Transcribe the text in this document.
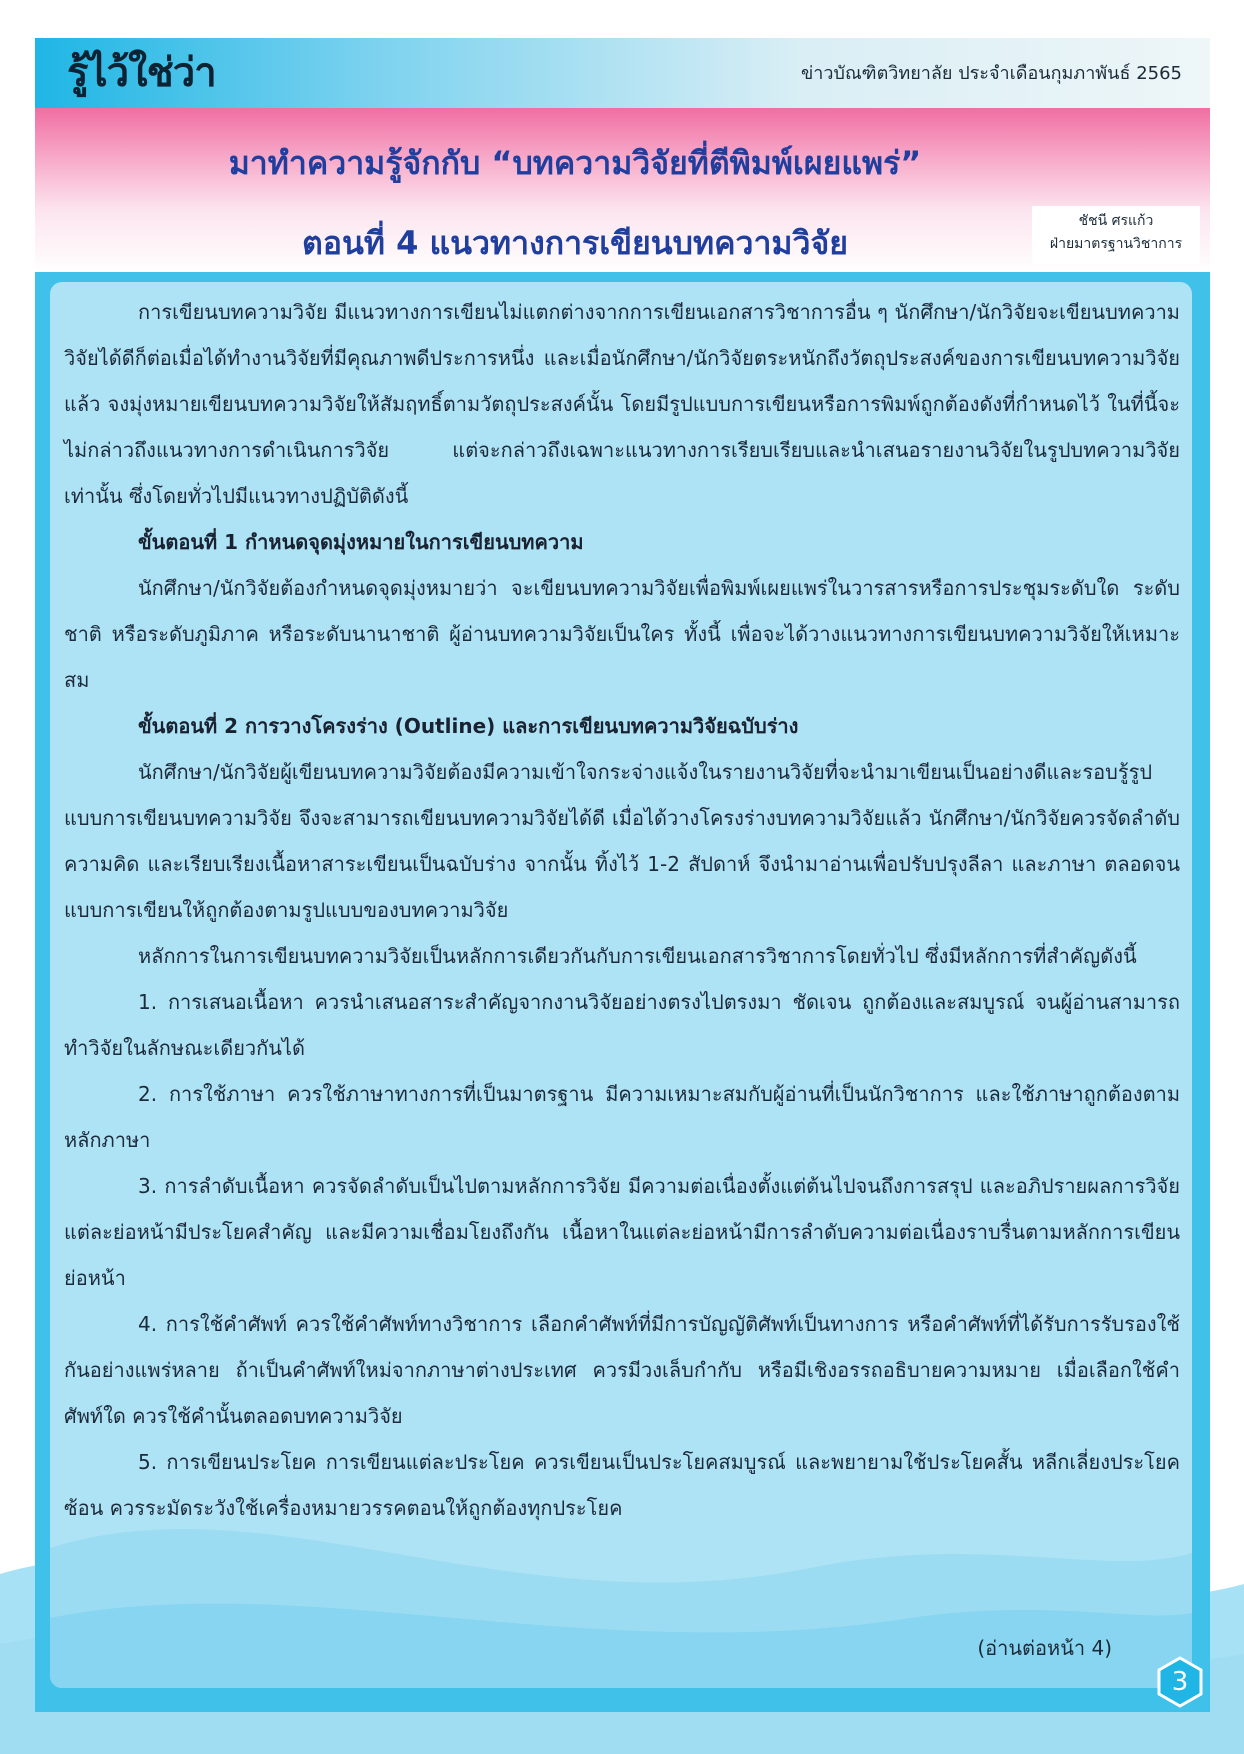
รู้ไว้ใช่ว่า	ข่าวบัณฑิตวิทยาลัย ประจำเดือนกุมภาพันธ์ 2565
มาทำความรู้จักกับ “บทความวิจัยที่ตีพิมพ์เผยแพร่”
ตอนที่ 4 แนวทางการเขียนบทความวิจัย
ชัชนี ศรแก้ว
ฝ่ายมาตรฐานวิชาการ

การเขียนบทความวิจัย มีแนวทางการเขียนไม่แตกต่างจากการเขียนเอกสารวิชาการอื่น ๆ นักศึกษา/นักวิจัยจะเขียนบทความวิจัยได้ดีก็ต่อเมื่อได้ทำงานวิจัยที่มีคุณภาพดีประการหนึ่ง และเมื่อนักศึกษา/นักวิจัยตระหนักถึงวัตถุประสงค์ของการเขียนบทความวิจัยแล้ว จงมุ่งหมายเขียนบทความวิจัยให้สัมฤทธิ์ตามวัตถุประสงค์นั้น โดยมีรูปแบบการเขียนหรือการพิมพ์ถูกต้องดังที่กำหนดไว้ ในที่นี้จะไม่กล่าวถึงแนวทางการดำเนินการวิจัย แต่จะกล่าวถึงเฉพาะแนวทางการเรียบเรียบและนำเสนอรายงานวิจัยในรูปบทความวิจัยเท่านั้น ซึ่งโดยทั่วไปมีแนวทางปฏิบัติดังนี้

ขั้นตอนที่ 1 กำหนดจุดมุ่งหมายในการเขียนบทความ

นักศึกษา/นักวิจัยต้องกำหนดจุดมุ่งหมายว่า จะเขียนบทความวิจัยเพื่อพิมพ์เผยแพร่ในวารสารหรือการประชุมระดับใด ระดับชาติ หรือระดับภูมิภาค หรือระดับนานาชาติ ผู้อ่านบทความวิจัยเป็นใคร ทั้งนี้ เพื่อจะได้วางแนวทางการเขียนบทความวิจัยให้เหมาะสม

ขั้นตอนที่ 2 การวางโครงร่าง (Outline) และการเขียนบทความวิจัยฉบับร่าง

นักศึกษา/นักวิจัยผู้เขียนบทความวิจัยต้องมีความเข้าใจกระจ่างแจ้งในรายงานวิจัยที่จะนำมาเขียนเป็นอย่างดีและรอบรู้รูปแบบการเขียนบทความวิจัย จึงจะสามารถเขียนบทความวิจัยได้ดี เมื่อได้วางโครงร่างบทความวิจัยแล้ว นักศึกษา/นักวิจัยควรจัดลำดับความคิด และเรียบเรียงเนื้อหาสาระเขียนเป็นฉบับร่าง จากนั้น ทิ้งไว้ 1-2 สัปดาห์ จึงนำมาอ่านเพื่อปรับปรุงลีลา และภาษา ตลอดจนแบบการเขียนให้ถูกต้องตามรูปแบบของบทความวิจัย

หลักการในการเขียนบทความวิจัยเป็นหลักการเดียวกันกับการเขียนเอกสารวิชาการโดยทั่วไป ซึ่งมีหลักการที่สำคัญดังนี้

1. การเสนอเนื้อหา ควรนำเสนอสาระสำคัญจากงานวิจัยอย่างตรงไปตรงมา ชัดเจน ถูกต้องและสมบูรณ์ จนผู้อ่านสามารถทำวิจัยในลักษณะเดียวกันได้

2. การใช้ภาษา ควรใช้ภาษาทางการที่เป็นมาตรฐาน มีความเหมาะสมกับผู้อ่านที่เป็นนักวิชาการ และใช้ภาษาถูกต้องตามหลักภาษา

3. การลำดับเนื้อหา ควรจัดลำดับเป็นไปตามหลักการวิจัย มีความต่อเนื่องตั้งแต่ต้นไปจนถึงการสรุป และอภิปรายผลการวิจัย แต่ละย่อหน้ามีประโยคสำคัญ และมีความเชื่อมโยงถึงกัน เนื้อหาในแต่ละย่อหน้ามีการลำดับความต่อเนื่องราบรื่นตามหลักการเขียนย่อหน้า

4. การใช้คำศัพท์ ควรใช้คำศัพท์ทางวิชาการ เลือกคำศัพท์ที่มีการบัญญัติศัพท์เป็นทางการ หรือคำศัพท์ที่ได้รับการรับรองใช้กันอย่างแพร่หลาย ถ้าเป็นคำศัพท์ใหม่จากภาษาต่างประเทศ ควรมีวงเล็บกำกับ หรือมีเชิงอรรถอธิบายความหมาย เมื่อเลือกใช้คำศัพท์ใด ควรใช้คำนั้นตลอดบทความวิจัย

5. การเขียนประโยค การเขียนแต่ละประโยค ควรเขียนเป็นประโยคสมบูรณ์ และพยายามใช้ประโยคสั้น หลีกเลี่ยงประโยคซ้อน ควรระมัดระวังใช้เครื่องหมายวรรคตอนให้ถูกต้องทุกประโยค

(อ่านต่อหน้า 4)
3
